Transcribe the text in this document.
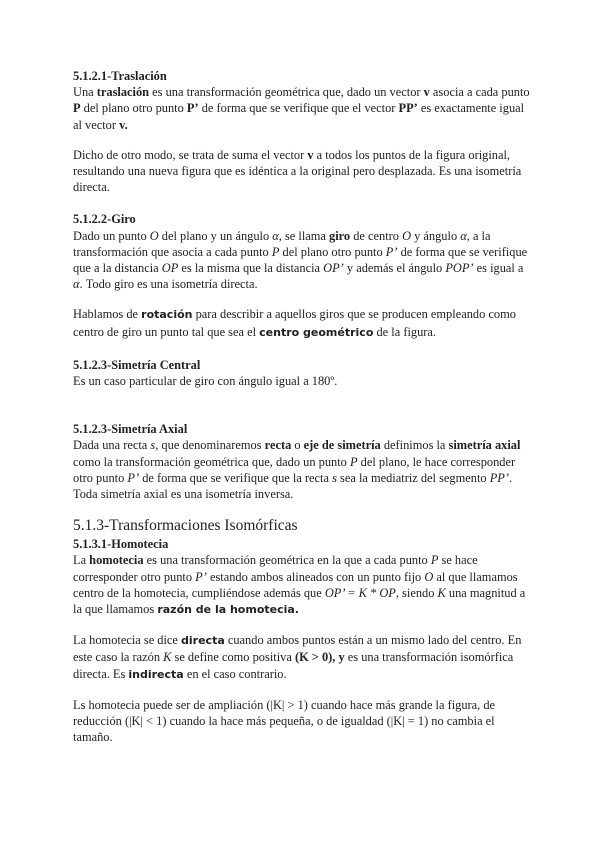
5.1.2.1-Traslación

Una traslación es una transformación geométrica que, dado un vector v asocia a cada punto P del plano otro punto P’ de forma que se verifique que el vector PP’ es exactamente igual al vector v.

Dicho de otro modo, se trata de suma el vector v a todos los puntos de la figura original, resultando una nueva figura que es idéntica a la original pero desplazada. Es una isometría directa.

5.1.2.2-Giro

Dado un punto O del plano y un ángulo α, se llama giro de centro O y ángulo α, a la transformación que asocia a cada punto P del plano otro punto P’ de forma que se verifique que a la distancia OP es la misma que la distancia OP’ y además el ángulo POP’ es igual a α. Todo giro es una isometría directa.

Hablamos de rotación para describir a aquellos giros que se producen empleando como centro de giro un punto tal que sea el centro geométrico de la figura.

5.1.2.3-Simetría Central

Es un caso particular de giro con ángulo igual a 180º.

5.1.2.3-Simetría Axial

Dada una recta s, que denominaremos recta o eje de simetría definimos la simetría axial como la transformación geométrica que, dado un punto P del plano, le hace corresponder otro punto P’ de forma que se verifique que la recta s sea la mediatriz del segmento PP’. Toda simetría axial es una isometría inversa.

5.1.3-Transformaciones Isomórficas

5.1.3.1-Homotecia

La homotecia es una transformación geométrica en la que a cada punto P se hace corresponder otro punto P’ estando ambos alineados con un punto fijo O al que llamamos centro de la homotecia, cumpliéndose además que OP’ = K * OP, siendo K una magnitud a la que llamamos razón de la homotecia.

La homotecia se dice directa cuando ambos puntos están a un mismo lado del centro. En este caso la razón K se define como positiva (K > 0), y es una transformación isomórfica directa. Es indirecta en el caso contrario.

Ls homotecia puede ser de ampliación (|K| > 1) cuando hace más grande la figura, de reducción (|K| < 1) cuando la hace más pequeña, o de igualdad (|K| = 1) no cambia el tamaño.
